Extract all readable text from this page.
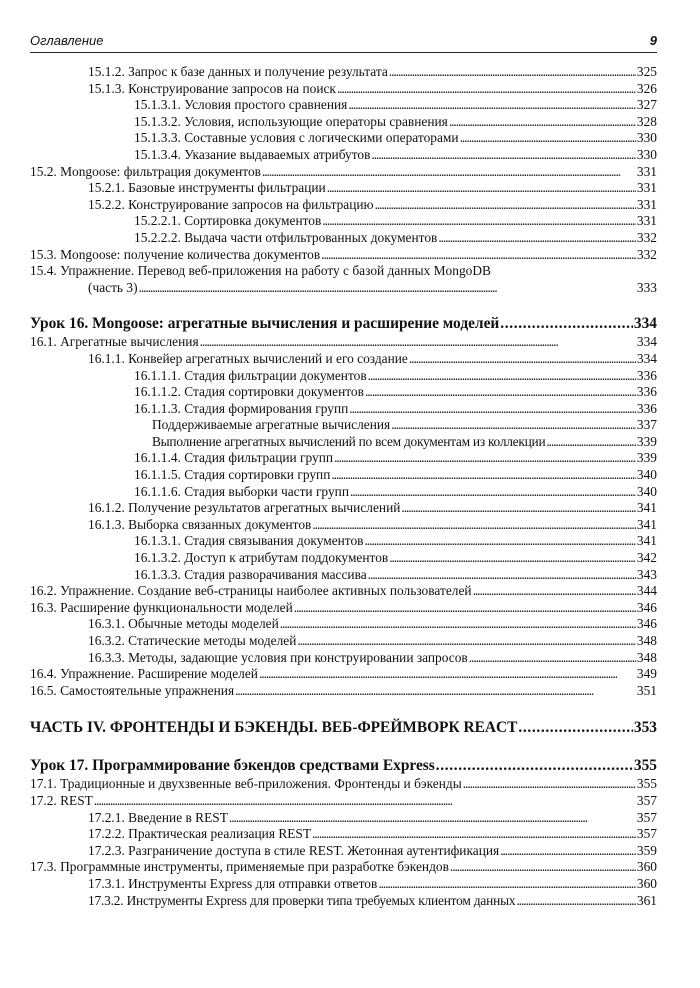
Оглавление	9
15.1.2. Запрос к базе данных и получение результата . . .	325
15.1.3. Конструирование запросов на поиск . . .	326
15.1.3.1. Условия простого сравнения . . .	327
15.1.3.2. Условия, использующие операторы сравнения . . .	328
15.1.3.3. Составные условия с логическими операторами . . .	330
15.1.3.4. Указание выдаваемых атрибутов . . .	330
15.2. Mongoose: фильтрация документов . . .	331
15.2.1. Базовые инструменты фильтрации . . .	331
15.2.2. Конструирование запросов на фильтрацию . . .	331
15.2.2.1. Сортировка документов . . .	331
15.2.2.2. Выдача части отфильтрованных документов . . .	332
15.3. Mongoose: получение количества документов . . .	332
15.4. Упражнение. Перевод веб-приложения на работу с базой данных MongoDB
(часть 3) . . .	333
Урок 16. Mongoose: агрегатные вычисления и расширение моделей . . .	334
16.1. Агрегатные вычисления . . .	334
16.1.1. Конвейер агрегатных вычислений и его создание . . .	334
16.1.1.1. Стадия фильтрации документов . . .	336
16.1.1.2. Стадия сортировки документов . . .	336
16.1.1.3. Стадия формирования групп . . .	336
Поддерживаемые агрегатные вычисления . . .	337
Выполнение агрегатных вычислений по всем документам из коллекции . . .	339
16.1.1.4. Стадия фильтрации групп . . .	339
16.1.1.5. Стадия сортировки групп . . .	340
16.1.1.6. Стадия выборки части групп . . .	340
16.1.2. Получение результатов агрегатных вычислений . . .	341
16.1.3. Выборка связанных документов . . .	341
16.1.3.1. Стадия связывания документов . . .	341
16.1.3.2. Доступ к атрибутам поддокументов . . .	342
16.1.3.3. Стадия разворачивания массива . . .	343
16.2. Упражнение. Создание веб-страницы наиболее активных пользователей . . .	344
16.3. Расширение функциональности моделей . . .	346
16.3.1. Обычные методы моделей . . .	346
16.3.2. Статические методы моделей . . .	348
16.3.3. Методы, задающие условия при конструировании запросов . . .	348
16.4. Упражнение. Расширение моделей . . .	349
16.5. Самостоятельные упражнения . . .	351
ЧАСТЬ IV. ФРОНТЕНДЫ И БЭКЕНДЫ. ВЕБ-ФРЕЙМВОРК REACT . . .	353
Урок 17. Программирование бэкендов средствами Express . . .	355
17.1. Традиционные и двухзвенные веб-приложения. Фронтенды и бэкенды . . .	355
17.2. REST . . .	357
17.2.1. Введение в REST . . .	357
17.2.2. Практическая реализация REST . . .	357
17.2.3. Разграничение доступа в стиле REST. Жетонная аутентификация . . .	359
17.3. Программные инструменты, применяемые при разработке бэкендов . . .	360
17.3.1. Инструменты Express для отправки ответов . . .	360
17.3.2. Инструменты Express для проверки типа требуемых клиентом данных . . .	361
